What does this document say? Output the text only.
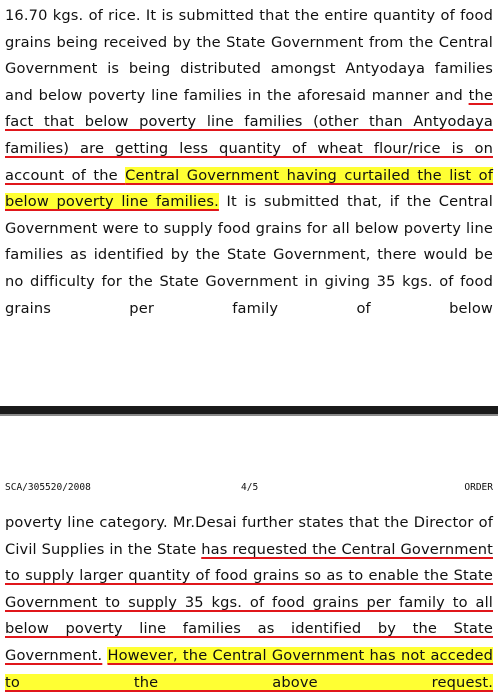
16.70 kgs. of rice. It is submitted that the entire quantity of food grains being received by the State Government from the Central Government is being distributed amongst Antyodaya families and below poverty line families in the aforesaid manner and the fact that below poverty line families (other than Antyodaya families) are getting less quantity of wheat flour/rice is on account of the Central Government having curtailed the list of below poverty line families. It is submitted that, if the Central Government were to supply food grains for all below poverty line families as identified by the State Government, there would be no difficulty for the State Government in giving 35 kgs. of food grains per family of below

SCA/305520/2008	4/5	ORDER

poverty line category. Mr.Desai further states that the Director of Civil Supplies in the State has requested the Central Government to supply larger quantity of food grains so as to enable the State Government to supply 35 kgs. of food grains per family to all below poverty line families as identified by the State Government. However, the Central Government has not acceded to the above request.
